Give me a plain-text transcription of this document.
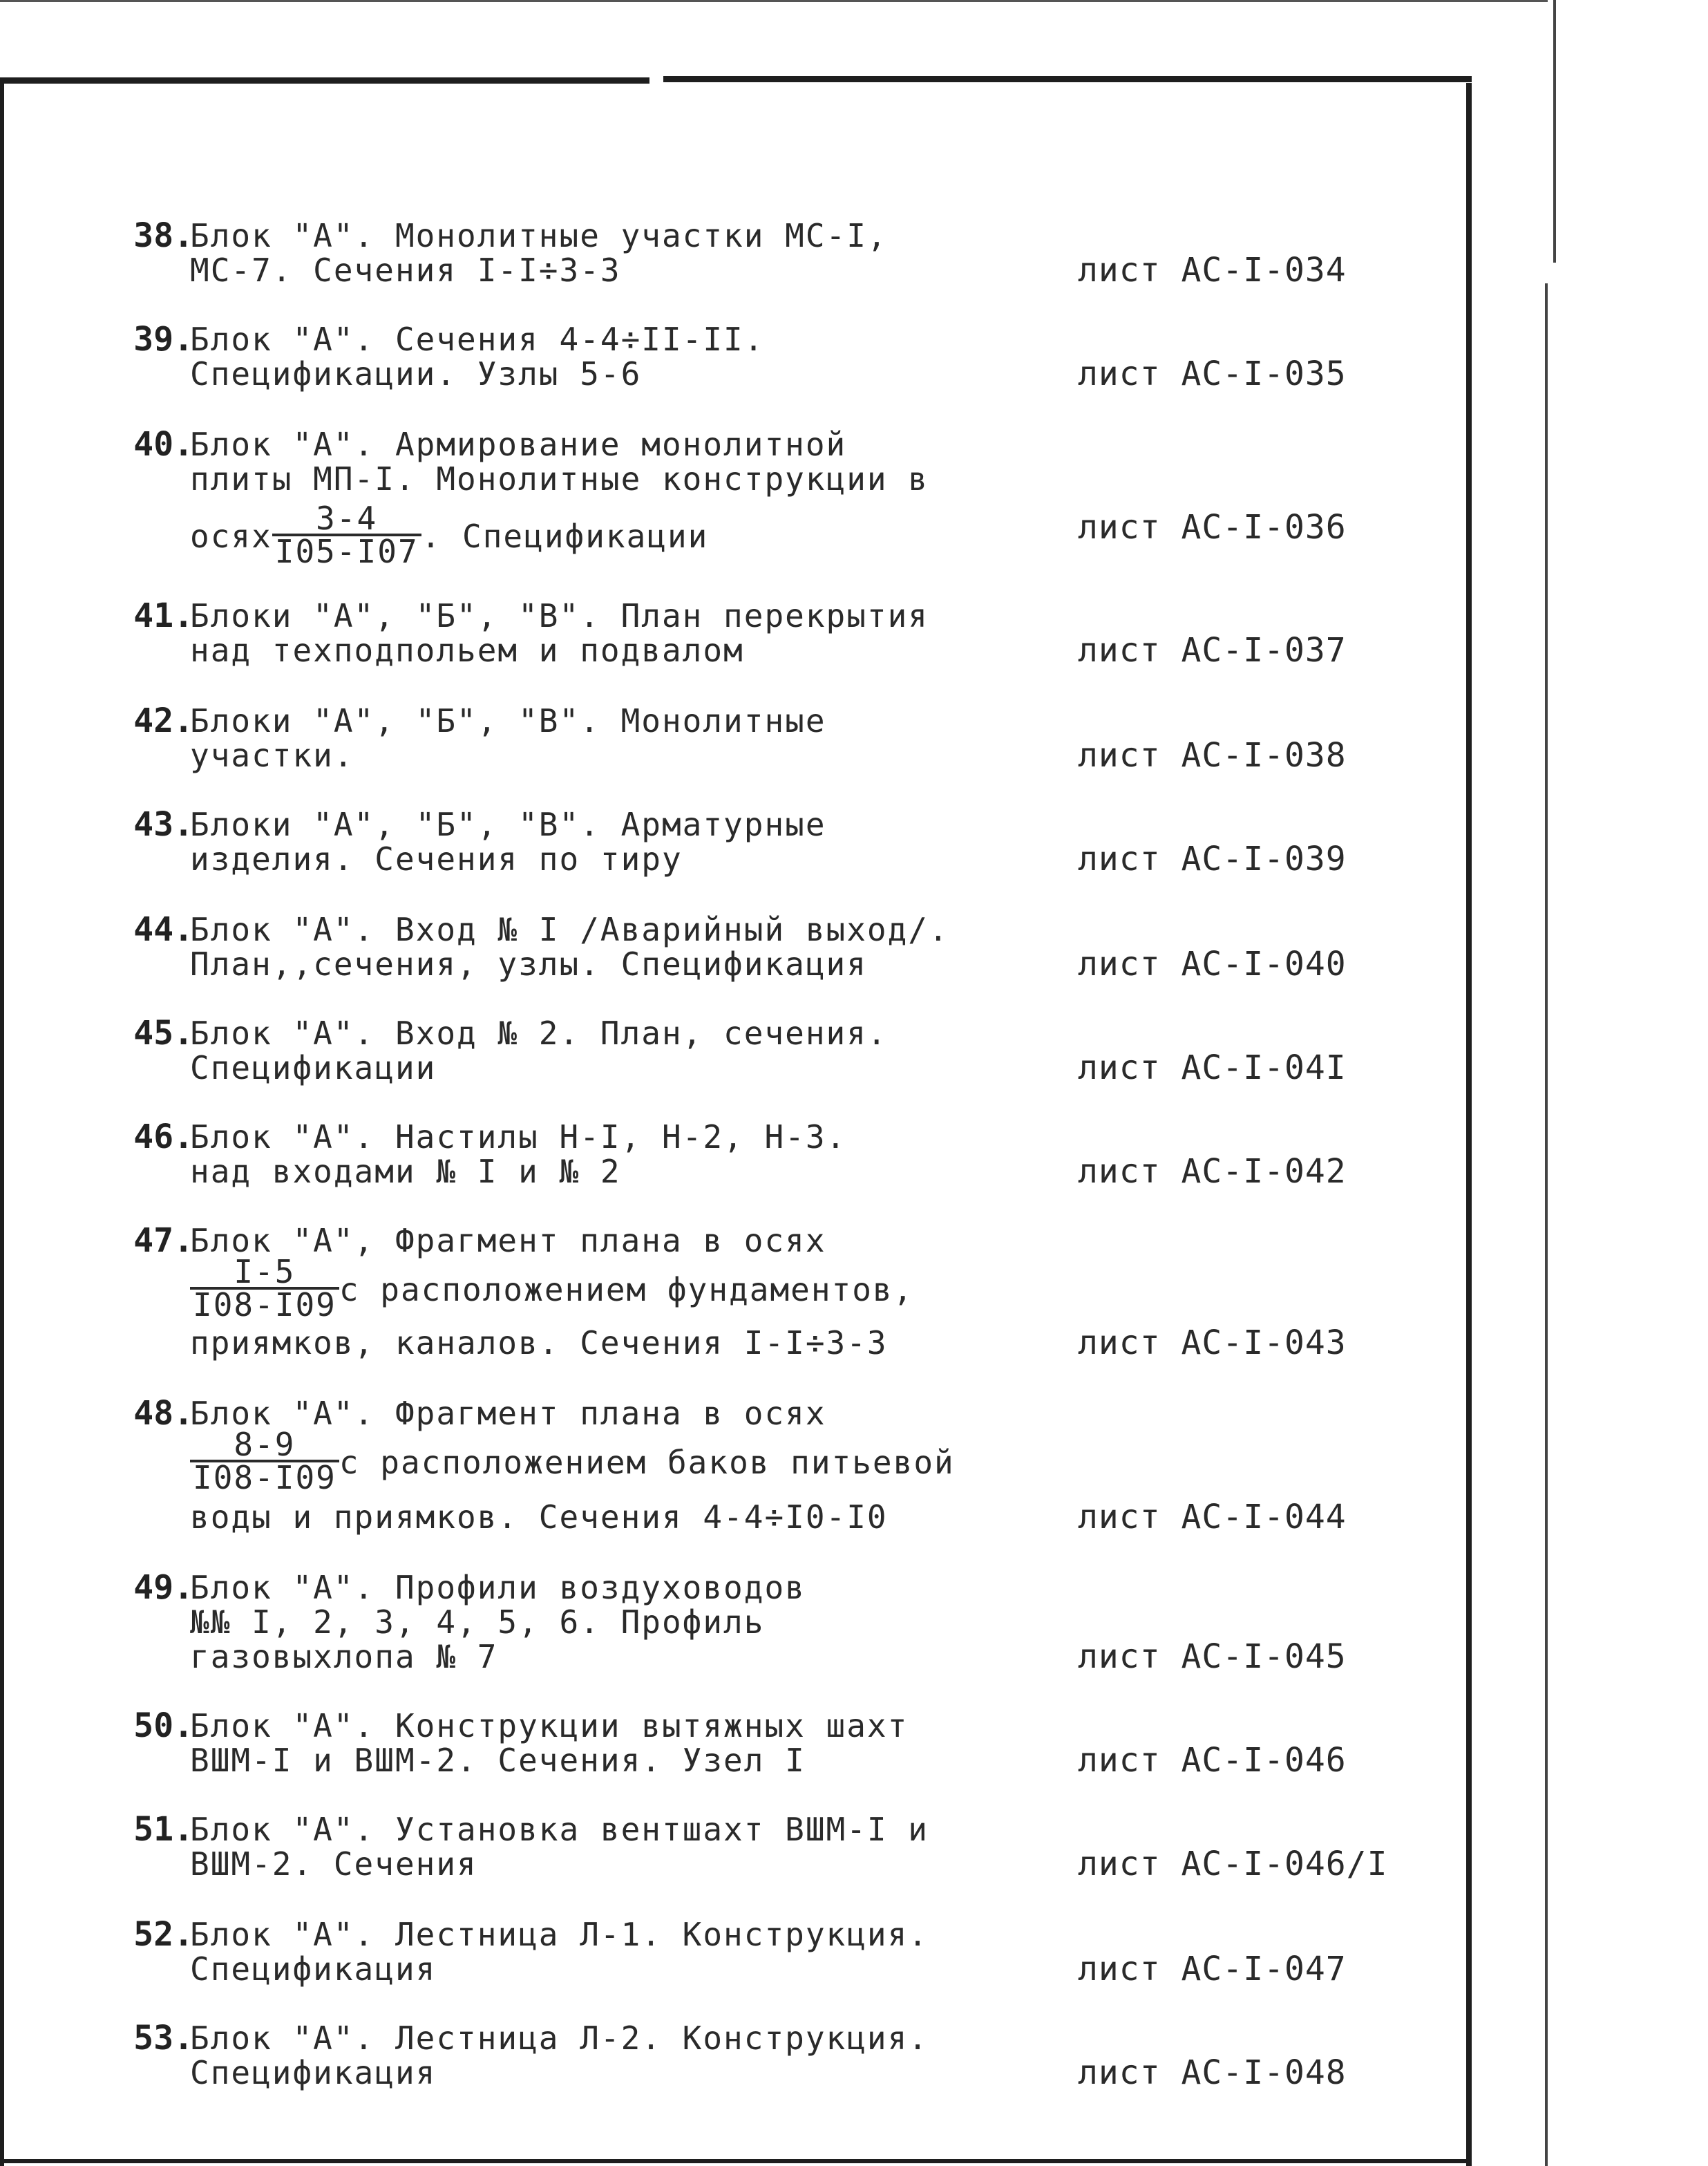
38.
Блок "А". Монолитные участки МС-I,
МС-7. Сечения I-I÷3-3	лист АС-I-034
39.
Блок "А". Сечения 4-4÷II-II.
Спецификации. Узлы 5-6	лист АС-I-035
40.
Блок "А". Армирование монолитной
плиты МП-I. Монолитные конструкции в
осях $\frac{3-4}{I05-I07}$ . Спецификации	лист АС-I-036
41.
Блоки "А", "Б", "В". План перекрытия
над техподпольем и подвалом	лист АС-I-037
42.
Блоки "А", "Б", "В". Монолитные
участки.	лист АС-I-038
43.
Блоки "А", "Б", "В". Арматурные
изделия. Сечения по тиру	лист АС-I-039
44.
Блок "А". Вход № I /Аварийный выход/.
План,,сечения, узлы. Спецификация	лист АС-I-040
45.
Блок "А". Вход № 2. План, сечения.
Спецификации	лист АС-I-04I
46.
Блок "А". Настилы Н-I, Н-2, Н-3.
над входами № I и № 2	лист АС-I-042
47.
Блок "А", Фрагмент плана в осях
$\frac{I-5}{I08-I09}$ с расположением фундаментов,
приямков, каналов. Сечения I-I÷3-3	лист АС-I-043
48.
Блок "А". Фрагмент плана в осях
$\frac{8-9}{I08-I09}$ с расположением баков питьевой
воды и приямков. Сечения 4-4÷I0-I0	лист АС-I-044
49.
Блок "А". Профили воздуховодов
№№ I, 2, 3, 4, 5, 6. Профиль
газовыхлопа № 7	лист АС-I-045
50.
Блок "А". Конструкции вытяжных шахт
ВШМ-I и ВШМ-2. Сечения. Узел I	лист АС-I-046
51.
Блок "А". Установка вентшахт ВШМ-I и
ВШМ-2. Сечения	лист АС-I-046/I
52.
Блок "А". Лестница Л-1. Конструкция.
Спецификация	лист АС-I-047
53.
Блок "А". Лестница Л-2. Конструкция.
Спецификация	лист АС-I-048
